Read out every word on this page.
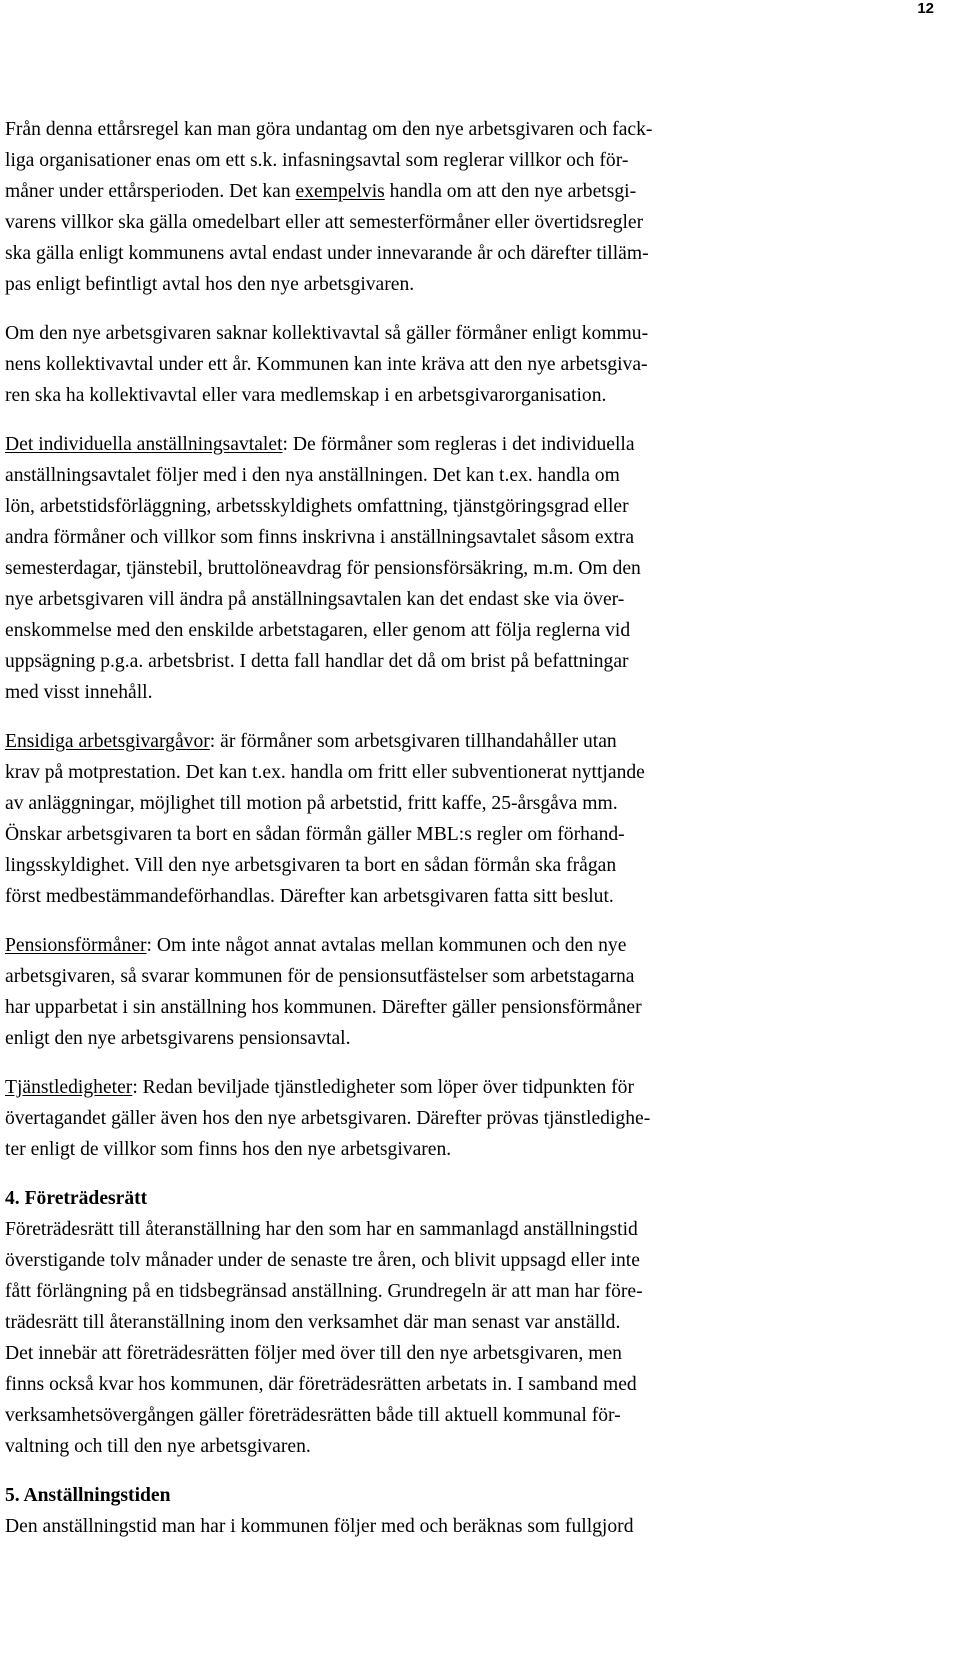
12
Från denna ettårsregel kan man göra undantag om den nye arbetsgivaren och fack-
liga organisationer enas om ett s.k. infasningsavtal som reglerar villkor och för-
måner under ettårsperioden. Det kan exempelvis handla om att den nye arbetsgi-
varens villkor ska gälla omedelbart eller att semesterförmåner eller övertidsregler
ska gälla enligt kommunens avtal endast under innevarande år och därefter tilläm-
pas enligt befintligt avtal hos den nye arbetsgivaren.
Om den nye arbetsgivaren saknar kollektivavtal så gäller förmåner enligt kommu-
nens kollektivavtal under ett år. Kommunen kan inte kräva att den nye arbetsgiva-
ren ska ha kollektivavtal eller vara medlemskap i en arbetsgivarorganisation.
Det individuella anställningsavtalet: De förmåner som regleras i det individuella
anställningsavtalet följer med i den nya anställningen. Det kan t.ex. handla om
lön, arbetstidsförläggning, arbetsskyldighets omfattning, tjänstgöringsgrad eller
andra förmåner och villkor som finns inskrivna i anställningsavtalet såsom extra
semesterdagar, tjänstebil, bruttolöneavdrag för pensionsförsäkring, m.m. Om den
nye arbetsgivaren vill ändra på anställningsavtalen kan det endast ske via över-
enskommelse med den enskilde arbetstagaren, eller genom att följa reglerna vid
uppsägning p.g.a. arbetsbrist. I detta fall handlar det då om brist på befattningar
med visst innehåll.
Ensidiga arbetsgivargåvor: är förmåner som arbetsgivaren tillhandahåller utan
krav på motprestation. Det kan t.ex. handla om fritt eller subventionerat nyttjande
av anläggningar, möjlighet till motion på arbetstid, fritt kaffe, 25-årsgåva mm.
Önskar arbetsgivaren ta bort en sådan förmån gäller MBL:s regler om förhand-
lingsskyldighet. Vill den nye arbetsgivaren ta bort en sådan förmån ska frågan
först medbestämmandeförhandlas. Därefter kan arbetsgivaren fatta sitt beslut.
Pensionsförmåner: Om inte något annat avtalas mellan kommunen och den nye
arbetsgivaren, så svarar kommunen för de pensionsutfästelser som arbetstagarna
har upparbetat i sin anställning hos kommunen. Därefter gäller pensionsförmåner
enligt den nye arbetsgivarens pensionsavtal.
Tjänstledigheter: Redan beviljade tjänstledigheter som löper över tidpunkten för
övertagandet gäller även hos den nye arbetsgivaren. Därefter prövas tjänstledighe-
ter enligt de villkor som finns hos den nye arbetsgivaren.
4. Företrädesrätt
Företrädesrätt till återanställning har den som har en sammanlagd anställningstid
överstigande tolv månader under de senaste tre åren, och blivit uppsagd eller inte
fått förlängning på en tidsbegränsad anställning. Grundregeln är att man har före-
trädesrätt till återanställning inom den verksamhet där man senast var anställd.
Det innebär att företrädesrätten följer med över till den nye arbetsgivaren, men
finns också kvar hos kommunen, där företrädesrätten arbetats in. I samband med
verksamhetsövergången gäller företrädesrätten både till aktuell kommunal för-
valtning och till den nye arbetsgivaren.
5. Anställningstiden
Den anställningstid man har i kommunen följer med och beräknas som fullgjord
